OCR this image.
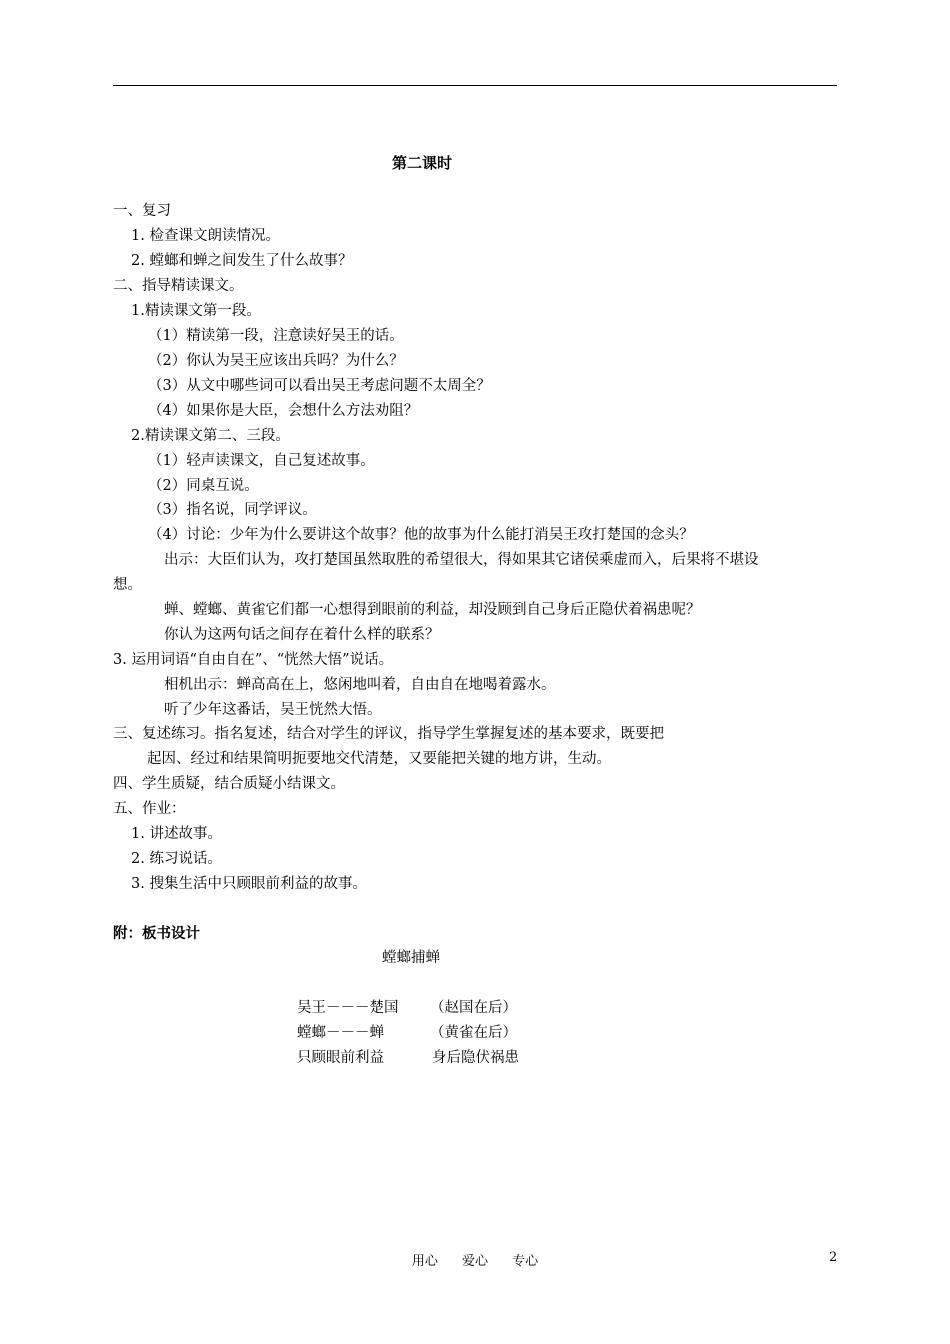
第二课时
一、复习
1. 检查课文朗读情况。
2. 螳螂和蝉之间发生了什么故事？
二、指导精读课文。
1.精读课文第一段。
（1）精读第一段，注意读好吴王的话。
（2）你认为吴王应该出兵吗？为什么？
（3）从文中哪些词可以看出吴王考虑问题不太周全？
（4）如果你是大臣，会想什么方法劝阻？
2.精读课文第二、三段。
（1）轻声读课文，自己复述故事。
（2）同桌互说。
（3）指名说，同学评议。
（4）讨论：少年为什么要讲这个故事？他的故事为什么能打消吴王攻打楚国的念头？
出示：大臣们认为，攻打楚国虽然取胜的希望很大，得如果其它诸侯乘虚而入，后果将不堪设
想。
蝉、螳螂、黄雀它们都一心想得到眼前的利益，却没顾到自己身后正隐伏着祸患呢？
你认为这两句话之间存在着什么样的联系？
3. 运用词语“自由自在”、“恍然大悟”说话。
相机出示：蝉高高在上，悠闲地叫着，自由自在地喝着露水。
听了少年这番话，吴王恍然大悟。
三、复述练习。指名复述，结合对学生的评议，指导学生掌握复述的基本要求，既要把
起因、经过和结果简明扼要地交代清楚，又要能把关键的地方讲，生动。
四、学生质疑，结合质疑小结课文。
五、作业：
1. 讲述故事。
2. 练习说话。
3. 搜集生活中只顾眼前利益的故事。
附：板书设计
螳螂捕蝉
吴王－－－楚国 （赵国在后）
螳螂－－－蝉	（黄雀在后）
只顾眼前利益	身后隐伏祸患
用心 爱心 专心	2
